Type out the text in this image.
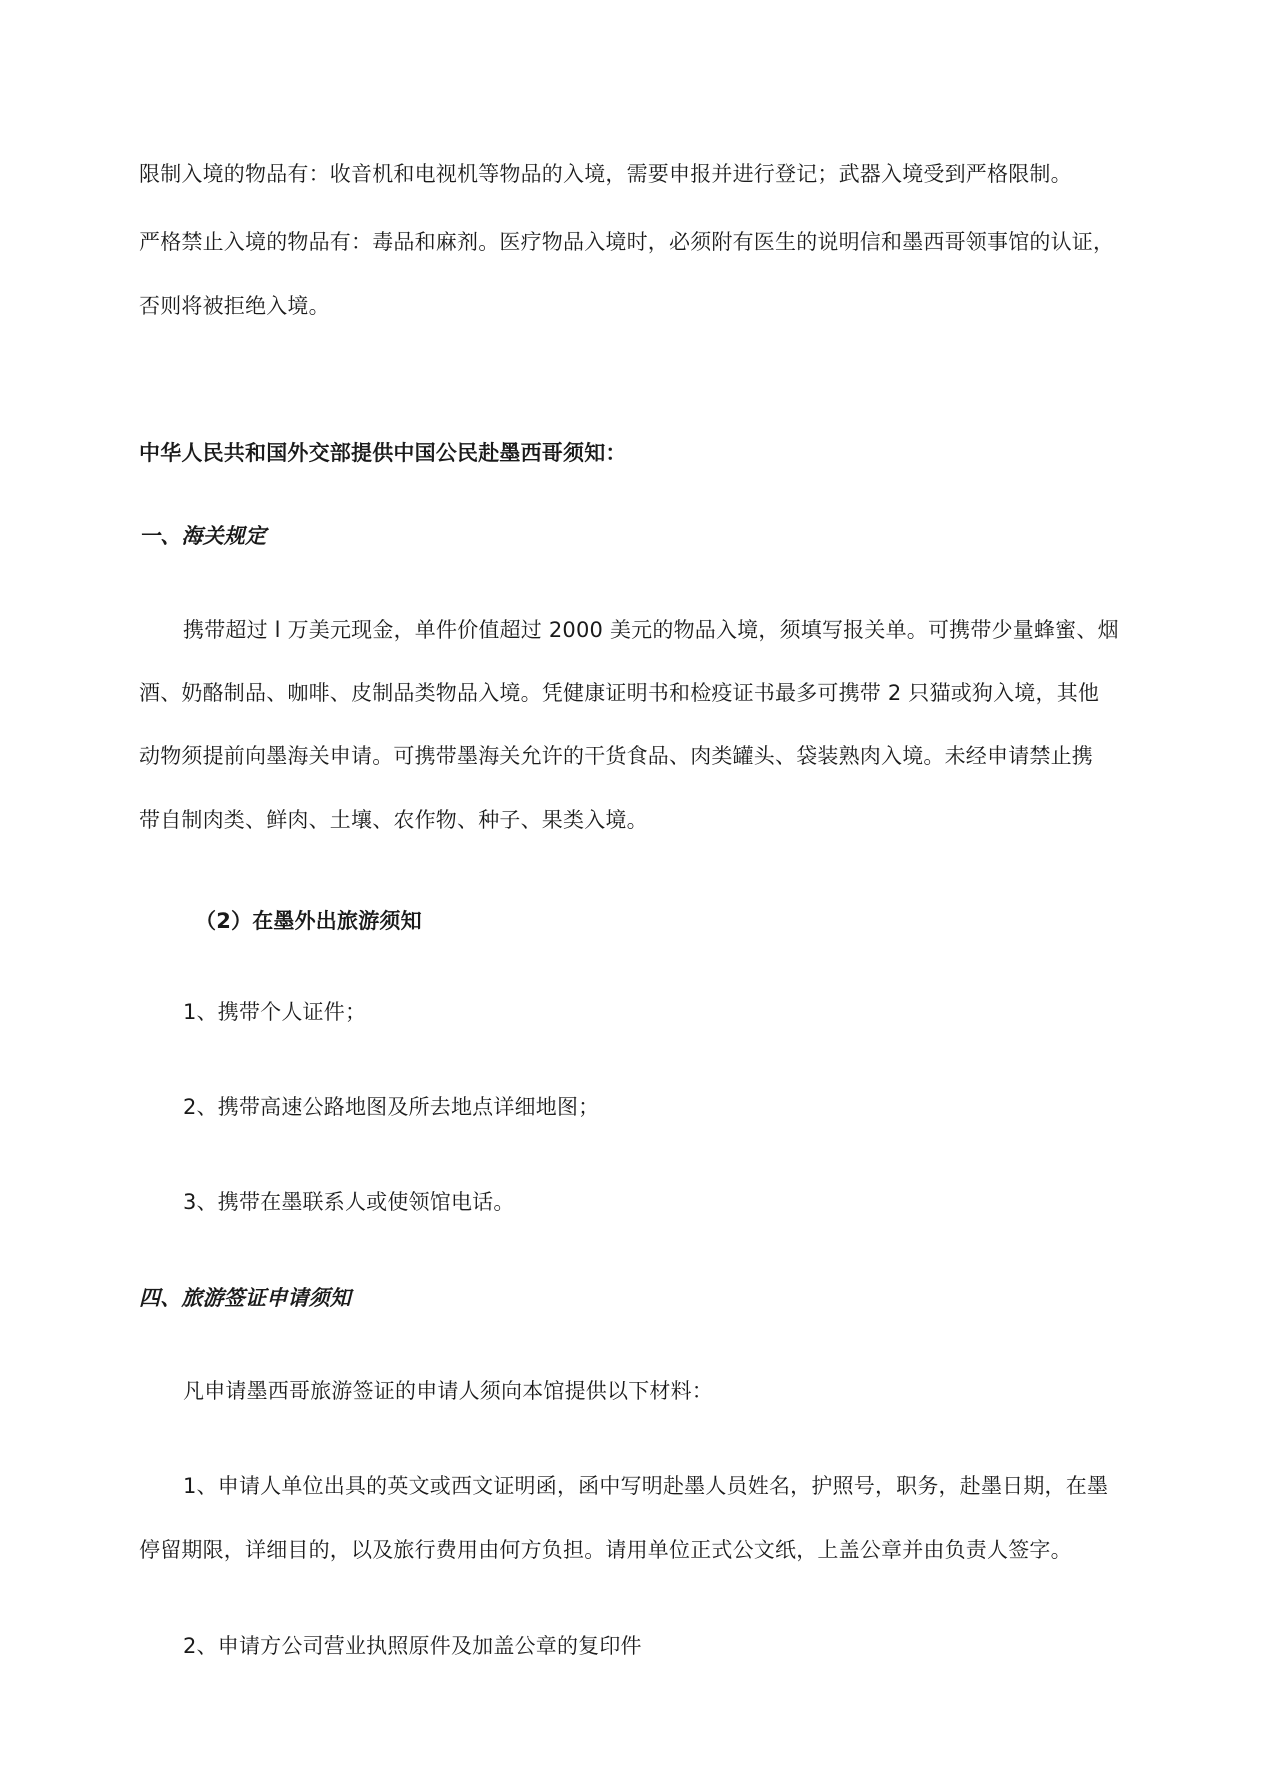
限制入境的物品有：收音机和电视机等物品的入境，需要申报并进行登记；武器入境受到严格限制。
严格禁止入境的物品有：毒品和麻剂。医疗物品入境时，必须附有医生的说明信和墨西哥领事馆的认证，
否则将被拒绝入境。
中华人民共和国外交部提供中国公民赴墨西哥须知：
一、海关规定
携带超过 l 万美元现金，单件价值超过 2000 美元的物品入境，须填写报关单。可携带少量蜂蜜、烟
酒、奶酪制品、咖啡、皮制品类物品入境。凭健康证明书和检疫证书最多可携带 2 只猫或狗入境，其他
动物须提前向墨海关申请。可携带墨海关允许的干货食品、肉类罐头、袋装熟肉入境。未经申请禁止携
带自制肉类、鲜肉、土壤、农作物、种子、果类入境。
（2）在墨外出旅游须知
1、携带个人证件；
2、携带高速公路地图及所去地点详细地图；
3、携带在墨联系人或使领馆电话。
四、旅游签证申请须知
凡申请墨西哥旅游签证的申请人须向本馆提供以下材料：
1、申请人单位出具的英文或西文证明函，函中写明赴墨人员姓名，护照号，职务，赴墨日期，在墨
停留期限，详细目的，以及旅行费用由何方负担。请用单位正式公文纸，上盖公章并由负责人签字。
2、申请方公司营业执照原件及加盖公章的复印件
